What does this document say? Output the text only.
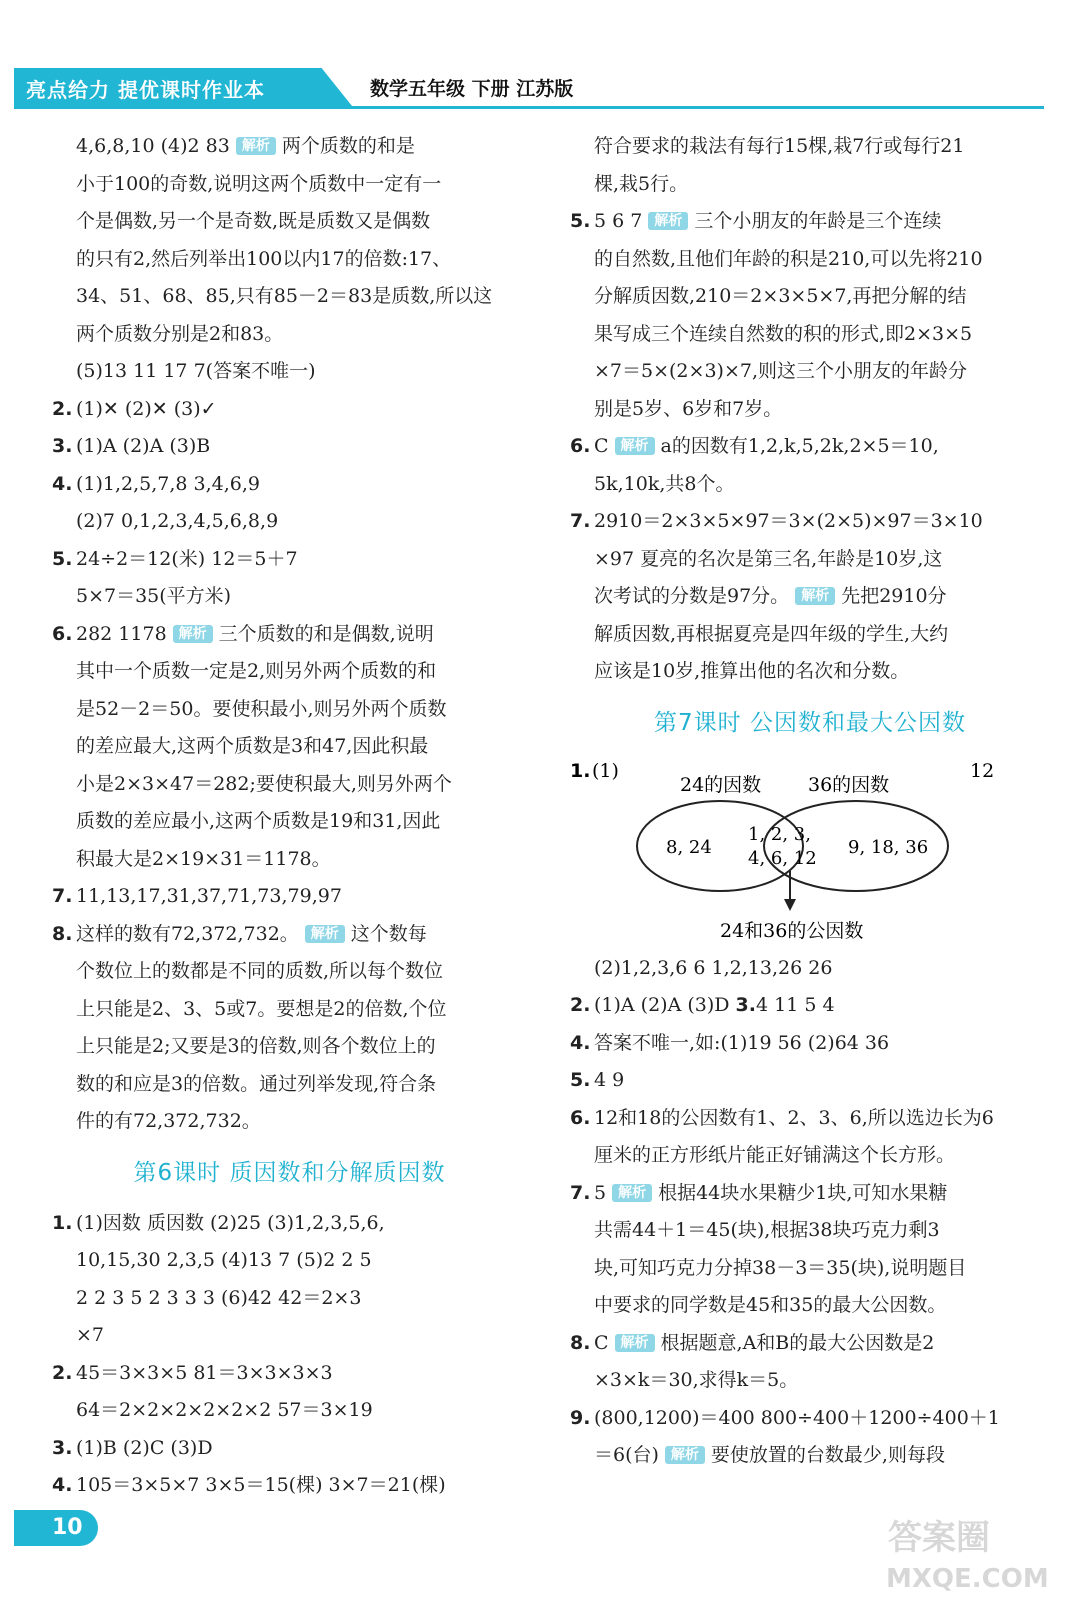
亮点给力 提优课时作业本	数学五年级 下册 江苏版
4,6,8,10 (4)2 83 解析 两个质数的和是
小于100的奇数,说明这两个质数中一定有一
个是偶数,另一个是奇数,既是质数又是偶数
的只有2,然后列举出100以内17的倍数:17、
34、51、68、85,只有85－2＝83是质数,所以这
两个质数分别是2和83。
(5)13 11 17 7(答案不唯一)
2. (1)✕ (2)✕ (3)✓
3. (1)A (2)A (3)B
4. (1)1,2,5,7,8 3,4,6,9
(2)7 0,1,2,3,4,5,6,8,9
5. 24÷2＝12(米) 12＝5＋7
5×7＝35(平方米)
6. 282 1178 解析 三个质数的和是偶数,说明
其中一个质数一定是2,则另外两个质数的和
是52－2＝50。要使积最小,则另外两个质数
的差应最大,这两个质数是3和47,因此积最
小是2×3×47＝282;要使积最大,则另外两个
质数的差应最小,这两个质数是19和31,因此
积最大是2×19×31＝1178。
7. 11,13,17,31,37,71,73,79,97
8. 这样的数有72,372,732。 解析 这个数每
个数位上的数都是不同的质数,所以每个数位
上只能是2、3、5或7。要想是2的倍数,个位
上只能是2;又要是3的倍数,则各个数位上的
数的和应是3的倍数。通过列举发现,符合条
件的有72,372,732。
第6课时 质因数和分解质因数
1. (1)因数 质因数 (2)25 (3)1,2,3,5,6,
10,15,30 2,3,5 (4)13 7 (5)2 2 5
2 2 3 5 2 3 3 3 (6)42 42＝2×3
×7
2. 45＝3×3×5 81＝3×3×3×3
64＝2×2×2×2×2×2 57＝3×19
3. (1)B (2)C (3)D
4. 105＝3×5×7 3×5＝15(棵) 3×7＝21(棵)
符合要求的栽法有每行15棵,栽7行或每行21
棵,栽5行。
5. 5 6 7 解析 三个小朋友的年龄是三个连续
的自然数,且他们年龄的积是210,可以先将210
分解质因数,210＝2×3×5×7,再把分解的结
果写成三个连续自然数的积的形式,即2×3×5
×7＝5×(2×3)×7,则这三个小朋友的年龄分
别是5岁、6岁和7岁。
6. C 解析 a的因数有1,2,k,5,2k,2×5＝10,
5k,10k,共8个。
7. 2910＝2×3×5×97＝3×(2×5)×97＝3×10
×97 夏亮的名次是第三名,年龄是10岁,这
次考试的分数是97分。 解析 先把2910分
解质因数,再根据夏亮是四年级的学生,大约
应该是10岁,推算出他的名次和分数。
第7课时 公因数和最大公因数
1. (1)
24的因数 36的因数
12
8, 24
1, 2, 3,
4, 6, 12
9, 18, 36
24和36的公因数
(2)1,2,3,6 6 1,2,13,26 26
2. (1)A (2)A (3)D 3.4 11 5 4
4. 答案不唯一,如:(1)19 56 (2)64 36
5. 4 9
6. 12和18的公因数有1、2、3、6,所以选边长为6
厘米的正方形纸片能正好铺满这个长方形。
7. 5 解析 根据44块水果糖少1块,可知水果糖
共需44＋1＝45(块),根据38块巧克力剩3
块,可知巧克力分掉38－3＝35(块),说明题目
中要求的同学数是45和35的最大公因数。
8. C 解析 根据题意,A和B的最大公因数是2
×3×k＝30,求得k＝5。
9. (800,1200)＝400 800÷400＋1200÷400＋1
＝6(台) 解析 要使放置的台数最少,则每段
10	答案圈
MXQE.COM
